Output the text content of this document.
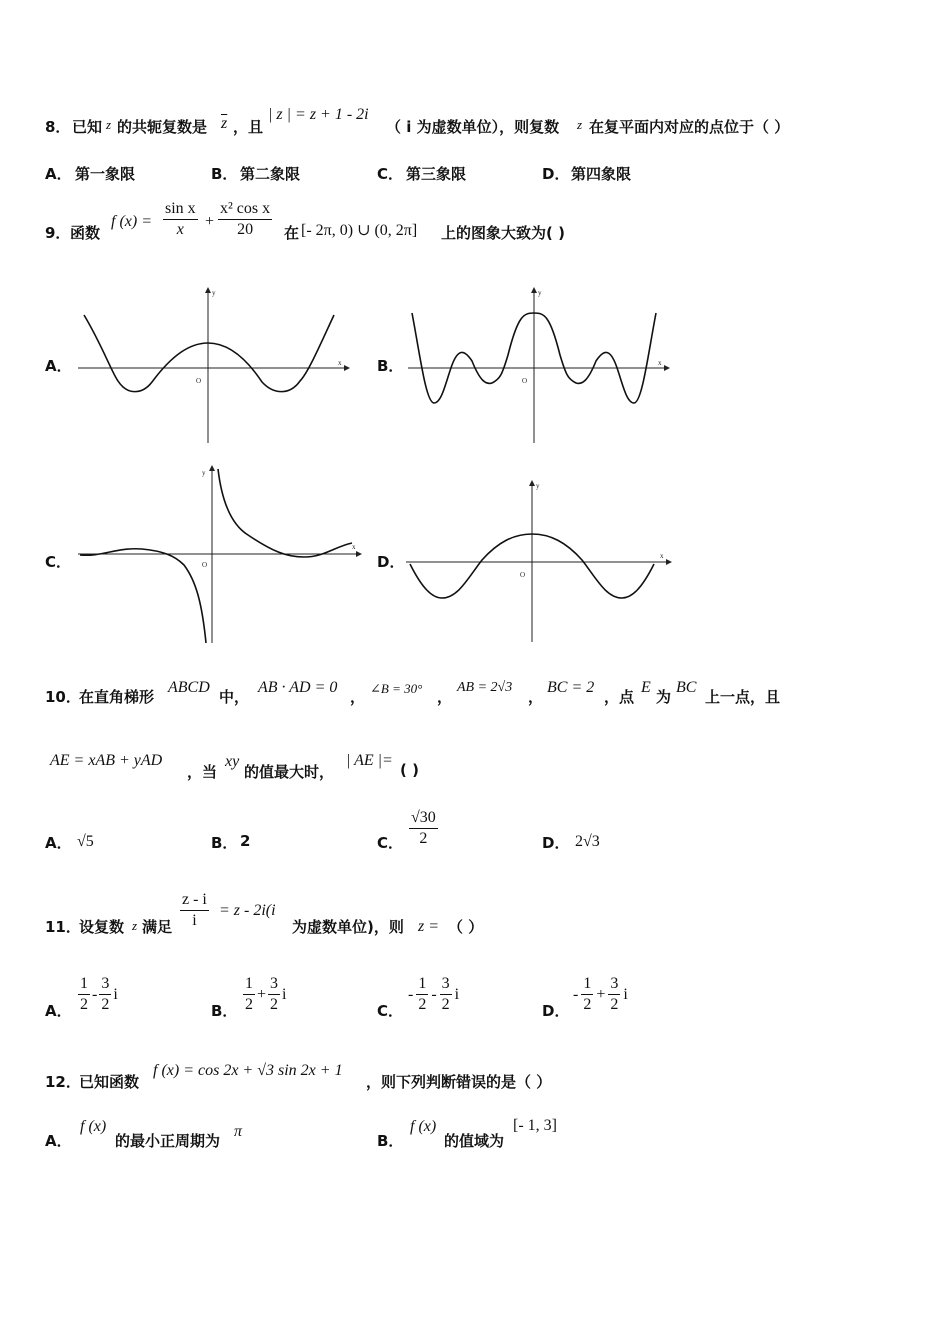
8． 已知 z 的共轭复数是 $\overline{z}$ ，且
| z | = z + 1 - 2i
（ i 为虚数单位），则复数 z 在复平面内对应的点位于（ ）
A． 第一象限	B． 第二象限	C． 第三象限	D． 第四象限
9． 函数
f $(x) = \frac{\text{sin x}}{x} + \frac{\text{x² cos x}}{20}$ 在 [- 2π, 0) ∪ (0, 2π] 上的图象大致为( )
A．	B．
C．	D．
y
x
O
y
x
O
y
x
O
y
x
O
10．
在直角梯形
ABCD
中，
AB · AD = 0
， ∠B = 30° ，
AB = 2√3
，
BC = 2
，点
E
为
BC
上一点，且
AE = xAB + yAD
，当
xy
的值最大时，
| AE |=
( )
A． √5	B． 2	C． $\frac{√30}{2}$	D． 2√3
11．
设复数 z 满足 $\frac{z - i}{i} = z - 2i(i$
为虚数单位)，则 z = （ ）
A． $\frac{1}{2} - \frac{3}{2}$ i
B． $\frac{1}{2} + \frac{3}{2}$ i
C．
- $\frac{1}{2} - \frac{3}{2}$ i
D．
- $\frac{1}{2} + \frac{3}{2}$ i
12．
已知函数
f (x) = cos 2x + √3 sin 2x + 1
，则下列判断错误的是（ ）
A．
f (x)
的最小正周期为
π
B．
f (x)
的值域为
[- 1, 3]
